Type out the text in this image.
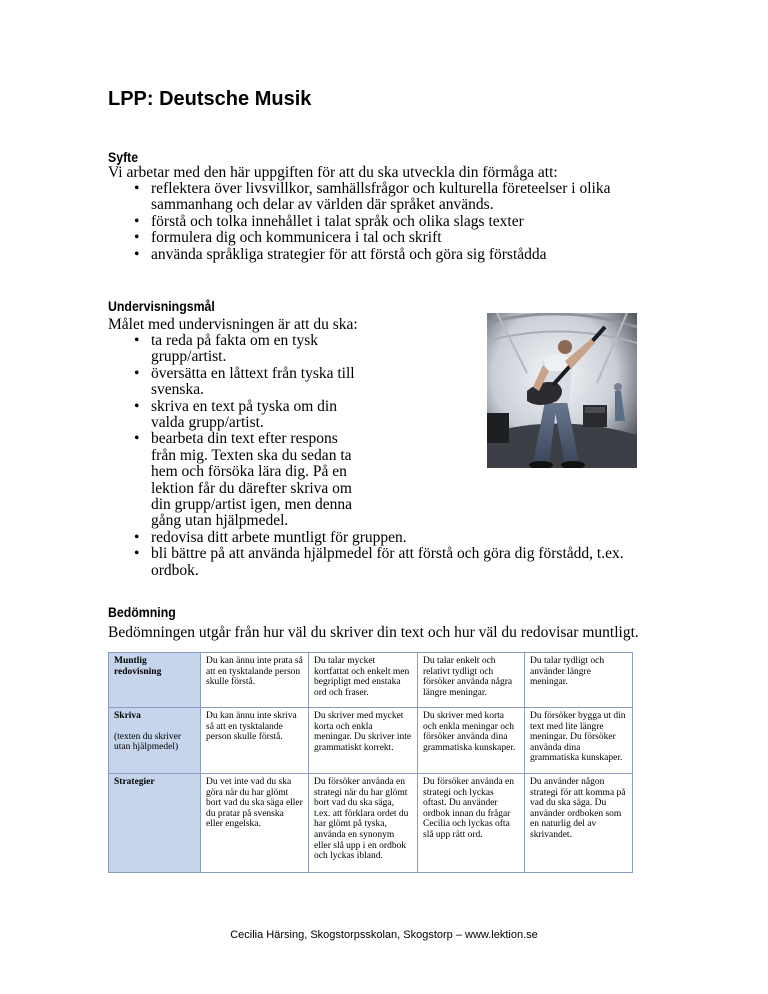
LPP: Deutsche Musik
Syfte

Vi arbetar med den här uppgiften för att du ska utveckla din förmåga att:

• reflektera över livsvillkor, samhällsfrågor och kulturella företeelser i olika sammanhang och delar av världen där språket används.
• förstå och tolka innehållet i talat språk och olika slags texter
• formulera dig och kommunicera i tal och skrift
• använda språkliga strategier för att förstå och göra sig förstådda
Undervisningsmål

Målet med undervisningen är att du ska:

• ta reda på fakta om en tysk grupp/artist.
• översätta en låttext från tyska till svenska.
• skriva en text på tyska om din valda grupp/artist.
• bearbeta din text efter respons från mig. Texten ska du sedan ta hem och försöka lära dig. På en lektion får du därefter skriva om din grupp/artist igen, men denna gång utan hjälpmedel.
• redovisa ditt arbete muntligt för gruppen.
• bli bättre på att använda hjälpmedel för att förstå och göra dig förstådd, t.ex. ordbok.
Bedömning

Bedömningen utgår från hur väl du skriver din text och hur väl du redovisar muntligt.

Muntlig redovisning	Du kan ännu inte prata så att en tysktalande person skulle förstå.	Du talar mycket kortfattat och enkelt men begripligt med enstaka ord och fraser.	Du talar enkelt och relativt tydligt och försöker använda några längre meningar.	Du talar tydligt och använder längre meningar.
Skriva
(texten du skriver utan hjälpmedel)	Du kan ännu inte skriva så att en tysktalande person skulle förstå.	Du skriver med mycket korta och enkla meningar. Du skriver inte grammatiskt korrekt.	Du skriver med korta och enkla meningar och försöker använda dina grammatiska kunskaper.	Du försöker bygga ut din text med lite längre meningar. Du försöker använda dina grammatiska kunskaper.
Strategier	Du vet inte vad du ska göra när du har glömt bort vad du ska säga eller du pratar på svenska eller engelska.	Du försöker använda en strategi när du har glömt bort vad du ska säga, t.ex. att förklara ordet du har glömt på tyska, använda en synonym eller slå upp i en ordbok och lyckas ibland.	Du försöker använda en strategi och lyckas oftast. Du använder ordbok innan du frågar Cecilia och lyckas ofta slå upp rätt ord.	Du använder någon strategi för att komma på vad du ska säga. Du använder ordboken som en naturlig del av skrivandet.
Cecilia Härsing, Skogstorpsskolan, Skogstorp – www.lektion.se
